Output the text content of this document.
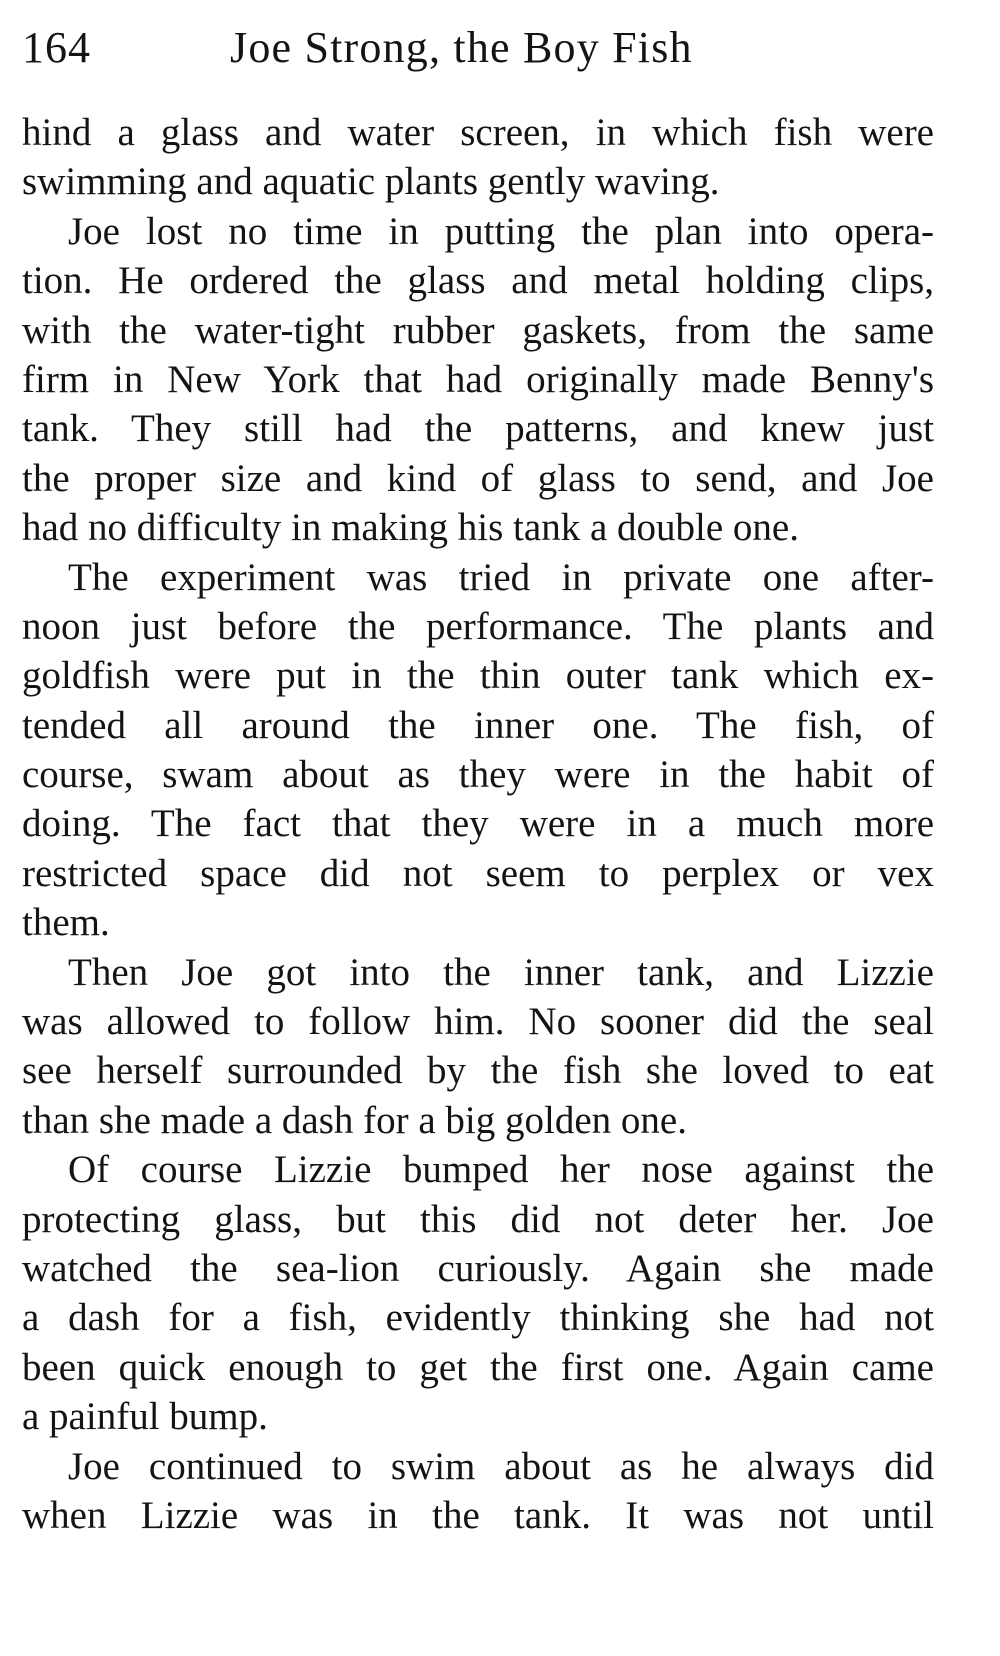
164	Joe Strong, the Boy Fish
hind a glass and water screen, in which fish were
swimming and aquatic plants gently waving.
Joe lost no time in putting the plan into opera-
tion. He ordered the glass and metal holding clips,
with the water-tight rubber gaskets, from the same
firm in New York that had originally made Benny's
tank. They still had the patterns, and knew just
the proper size and kind of glass to send, and Joe
had no difficulty in making his tank a double one.
The experiment was tried in private one after-
noon just before the performance. The plants and
goldfish were put in the thin outer tank which ex-
tended all around the inner one. The fish, of
course, swam about as they were in the habit of
doing. The fact that they were in a much more
restricted space did not seem to perplex or vex
them.
Then Joe got into the inner tank, and Lizzie
was allowed to follow him. No sooner did the seal
see herself surrounded by the fish she loved to eat
than she made a dash for a big golden one.
Of course Lizzie bumped her nose against the
protecting glass, but this did not deter her. Joe
watched the sea-lion curiously. Again she made
a dash for a fish, evidently thinking she had not
been quick enough to get the first one. Again came
a painful bump.
Joe continued to swim about as he always did
when Lizzie was in the tank. It was not until
